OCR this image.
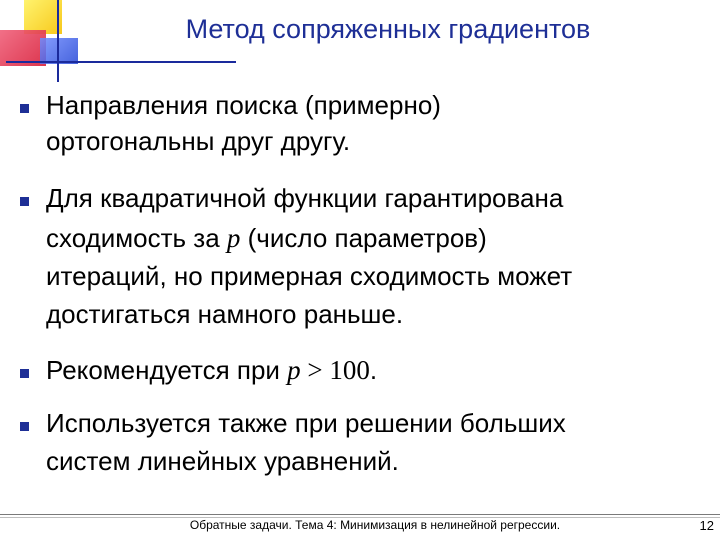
Метод сопряженных градиентов
Направления поиска (примерно)
ортогональны друг другу.
Для квадратичной функции гарантирована
сходимость за p (число параметров)
итераций, но примерная сходимость может
достигаться намного раньше.
Рекомендуется при p > 100.
Используется также при решении больших
систем линейных уравнений.
Обратные задачи. Тема 4: Минимизация в нелинейной регрессии.	12
